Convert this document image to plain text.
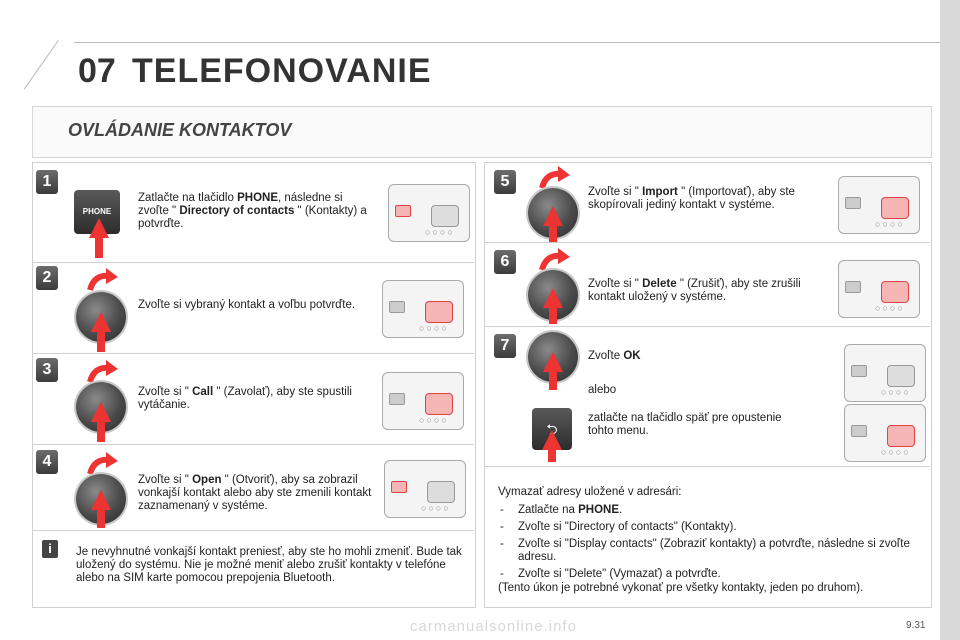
07 TELEFONOVANIE
OVLÁDANIE KONTAKTOV
1
PHONE
Zatlačte na tlačidlo PHONE, následne si zvoľte " Directory of contacts " (Kontakty) a potvrďte.
○○○○
2
Zvoľte si vybraný kontakt a voľbu potvrďte.
○○○○
3
Zvoľte si " Call " (Zavolať), aby ste spustili vytáčanie.
○○○○
4
Zvoľte si " Open " (Otvoriť), aby sa zobrazil vonkajší kontakt alebo aby ste zmenili kontakt zaznamenaný v systéme.	○○○○
i	Je nevyhnutné vonkajší kontakt preniesť, aby ste ho mohli zmeniť. Bude tak uložený do systému. Nie je možné meniť alebo zrušiť kontakty v telefóne alebo na SIM karte pomocou prepojenia Bluetooth.
5
Zvoľte si " Import " (Importovať), aby ste skopírovali jediný kontakt v systéme.
○○○○
6
Zvoľte si " Delete " (Zrušiť), aby ste zrušili kontakt uložený v systéme.
○○○○
7
Zvoľte OK
alebo
⮌
zatlačte na tlačidlo späť pre opustenie tohto menu.
○○○○
○○○○
Vymazať adresy uložené v adresári:
- Zatlačte na PHONE.
- Zvoľte si "Directory of contacts" (Kontakty).
- Zvoľte si "Display contacts" (Zobraziť kontakty) a potvrďte, následne si zvoľte adresu.
- Zvoľte si "Delete" (Vymazať) a potvrďte.
(Tento úkon je potrebné vykonať pre všetky kontakty, jeden po druhom).
9.31
carmanualsonline.info
